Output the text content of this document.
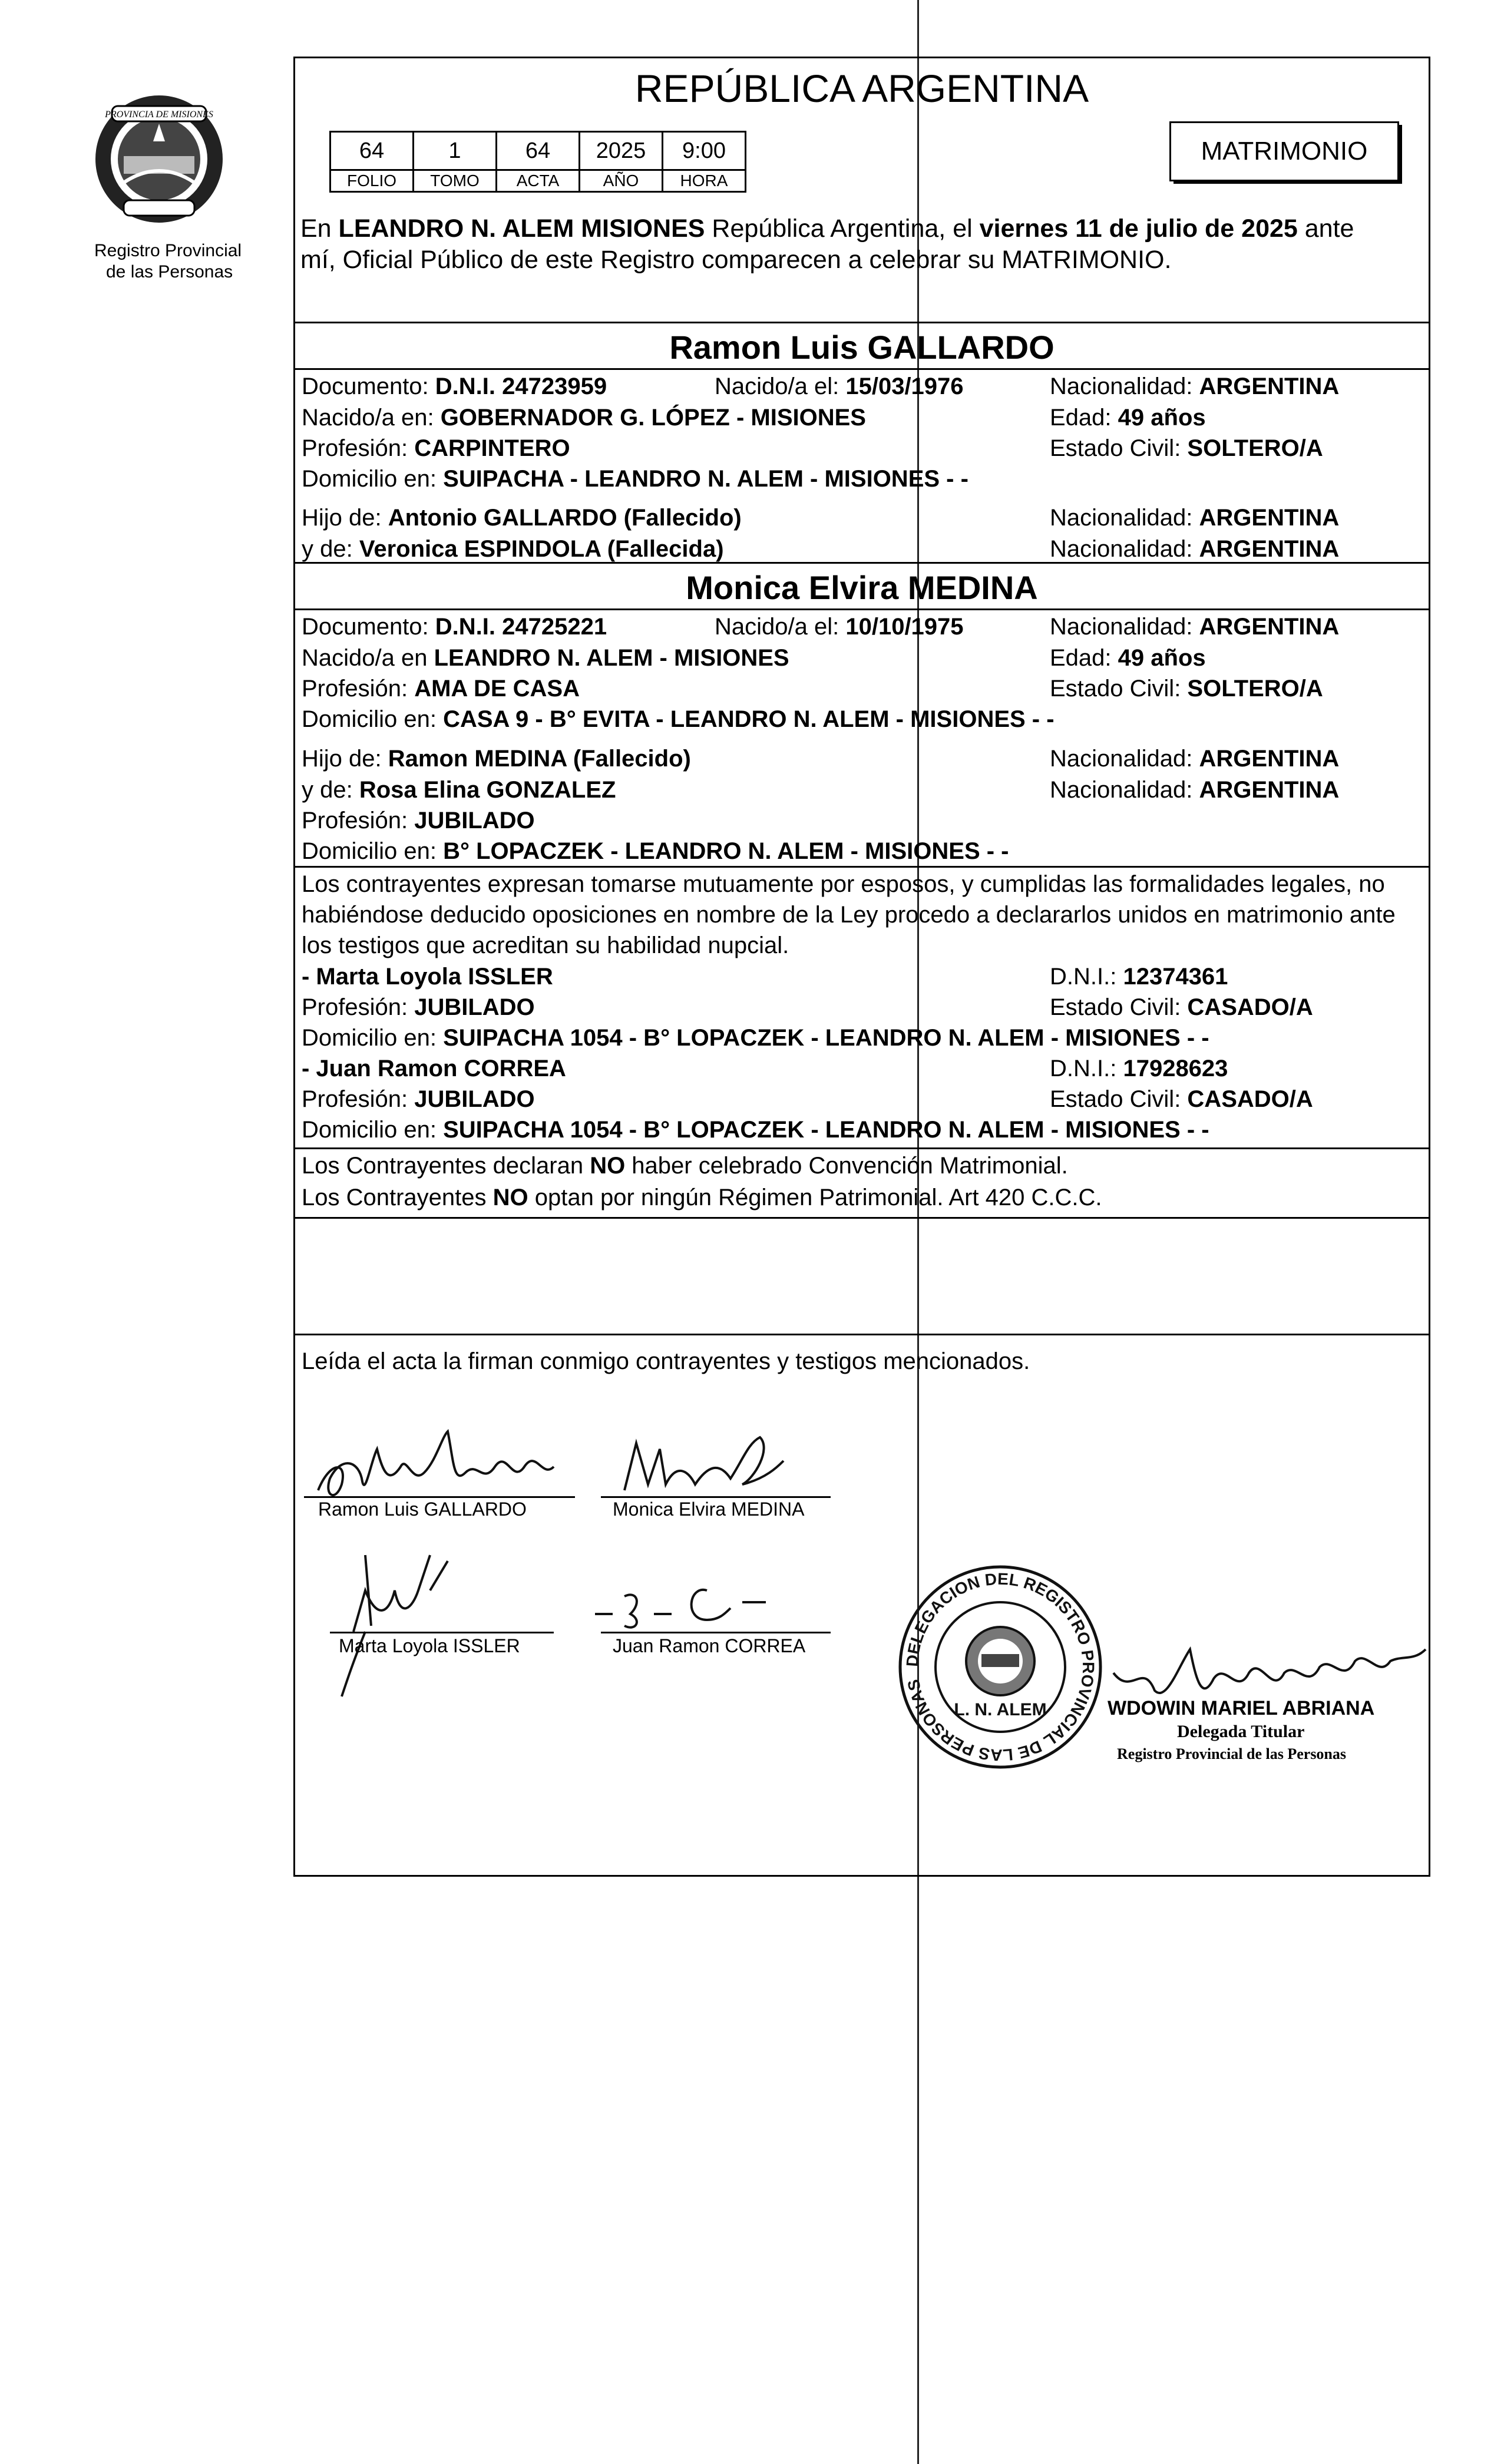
PROVINCIA DE MISIONES
Registro Provincial
de las Personas
REPÚBLICA ARGENTINA
64	1	64	2025	9:00
FOLIO	TOMO	ACTA	AÑO	HORA
MATRIMONIO
En LEANDRO N. ALEM MISIONES República Argentina, el viernes 11 de julio de 2025 ante
mí, Oficial Público de este Registro comparecen a celebrar su MATRIMONIO.
Ramon Luis GALLARDO
Documento: D.N.I. 24723959	Nacido/a el: 15/03/1976	Nacionalidad: ARGENTINA
Nacido/a en: GOBERNADOR G. LÓPEZ - MISIONES	Edad: 49 años
Profesión: CARPINTERO	Estado Civil: SOLTERO/A
Domicilio en: SUIPACHA - LEANDRO N. ALEM - MISIONES - -
Hijo de: Antonio GALLARDO (Fallecido)	Nacionalidad: ARGENTINA
y de: Veronica ESPINDOLA (Fallecida)	Nacionalidad: ARGENTINA
Monica Elvira MEDINA
Documento: D.N.I. 24725221	Nacido/a el: 10/10/1975	Nacionalidad: ARGENTINA
Nacido/a en LEANDRO N. ALEM - MISIONES	Edad: 49 años
Profesión: AMA DE CASA	Estado Civil: SOLTERO/A
Domicilio en: CASA 9 - B° EVITA - LEANDRO N. ALEM - MISIONES - -
Hijo de: Ramon MEDINA (Fallecido)	Nacionalidad: ARGENTINA
y de: Rosa Elina GONZALEZ	Nacionalidad: ARGENTINA
Profesión: JUBILADO
Domicilio en: B° LOPACZEK - LEANDRO N. ALEM - MISIONES - -
Los contrayentes expresan tomarse mutuamente por esposos, y cumplidas las formalidades legales, no
habiéndose deducido oposiciones en nombre de la Ley procedo a declararlos unidos en matrimonio ante
los testigos que acreditan su habilidad nupcial.
- Marta Loyola ISSLER	D.N.I.: 12374361
Profesión: JUBILADO	Estado Civil: CASADO/A
Domicilio en: SUIPACHA 1054 - B° LOPACZEK - LEANDRO N. ALEM - MISIONES - -
- Juan Ramon CORREA	D.N.I.: 17928623
Profesión: JUBILADO	Estado Civil: CASADO/A
Domicilio en: SUIPACHA 1054 - B° LOPACZEK - LEANDRO N. ALEM - MISIONES - -
Los Contrayentes declaran NO haber celebrado Convención Matrimonial.
Los Contrayentes NO optan por ningún Régimen Patrimonial. Art 420 C.C.C.
Leída el acta la firman conmigo contrayentes y testigos mencionados.
Ramon Luis GALLARDO	Monica Elvira MEDINA
Marta Loyola ISSLER	Juan Ramon CORREA
DELEGACION DEL REGISTRO PROVINCIAL DE LAS PERSONAS
L. N. ALEM	WDOWIN MARIEL ABRIANA
Delegada Titular
Registro Provincial de las Personas
